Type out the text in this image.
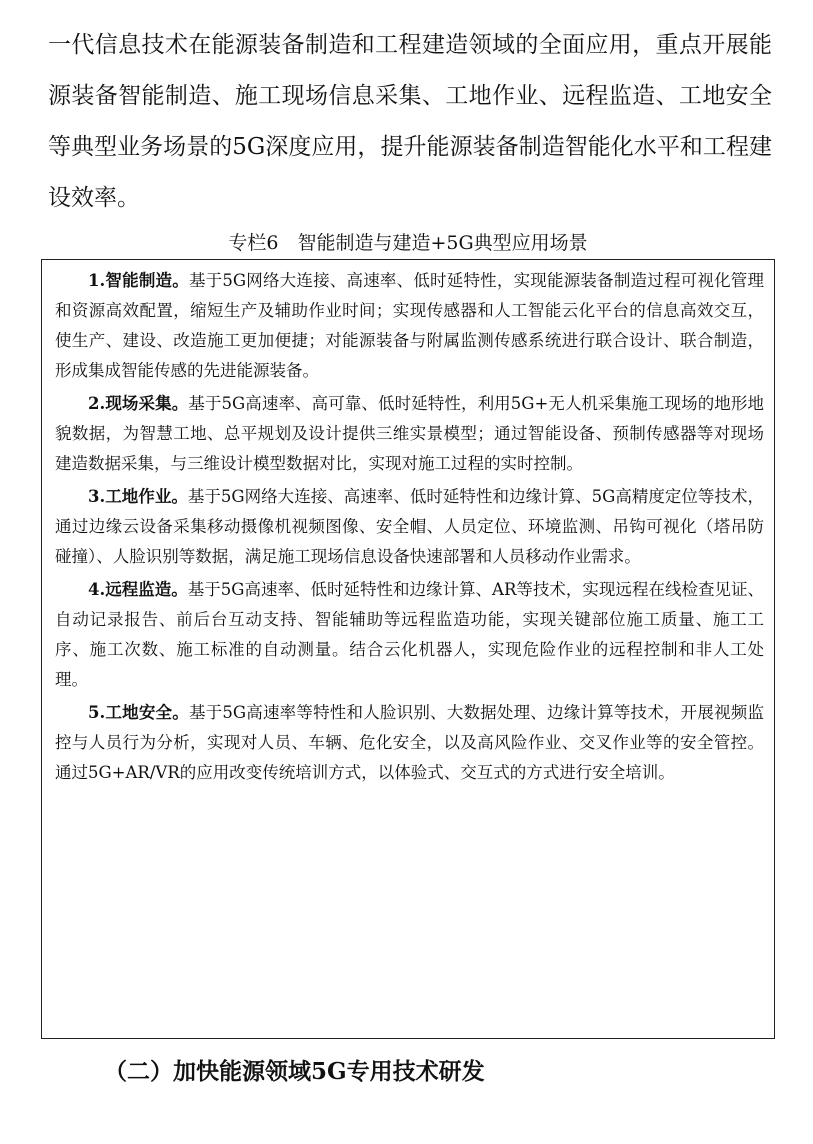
一代信息技术在能源装备制造和工程建造领域的全面应用，重点开展能源装备智能制造、施工现场信息采集、工地作业、远程监造、工地安全等典型业务场景的5G深度应用，提升能源装备制造智能化水平和工程建设效率。

专栏6　智能制造与建造+5G典型应用场景

1.智能制造。基于5G网络大连接、高速率、低时延特性，实现能源装备制造过程可视化管理和资源高效配置，缩短生产及辅助作业时间；实现传感器和人工智能云化平台的信息高效交互，使生产、建设、改造施工更加便捷；对能源装备与附属监测传感系统进行联合设计、联合制造，形成集成智能传感的先进能源装备。

2.现场采集。基于5G高速率、高可靠、低时延特性，利用5G+无人机采集施工现场的地形地貌数据，为智慧工地、总平规划及设计提供三维实景模型；通过智能设备、预制传感器等对现场建造数据采集，与三维设计模型数据对比，实现对施工过程的实时控制。

3.工地作业。基于5G网络大连接、高速率、低时延特性和边缘计算、5G高精度定位等技术，通过边缘云设备采集移动摄像机视频图像、安全帽、人员定位、环境监测、吊钩可视化（塔吊防碰撞）、人脸识别等数据，满足施工现场信息设备快速部署和人员移动作业需求。

4.远程监造。基于5G高速率、低时延特性和边缘计算、AR等技术，实现远程在线检查见证、自动记录报告、前后台互动支持、智能辅助等远程监造功能，实现关键部位施工质量、施工工序、施工次数、施工标准的自动测量。结合云化机器人，实现危险作业的远程控制和非人工处理。

5.工地安全。基于5G高速率等特性和人脸识别、大数据处理、边缘计算等技术，开展视频监控与人员行为分析，实现对人员、车辆、危化安全，以及高风险作业、交叉作业等的安全管控。通过5G+AR/VR的应用改变传统培训方式，以体验式、交互式的方式进行安全培训。

（二）加快能源领域5G专用技术研发
